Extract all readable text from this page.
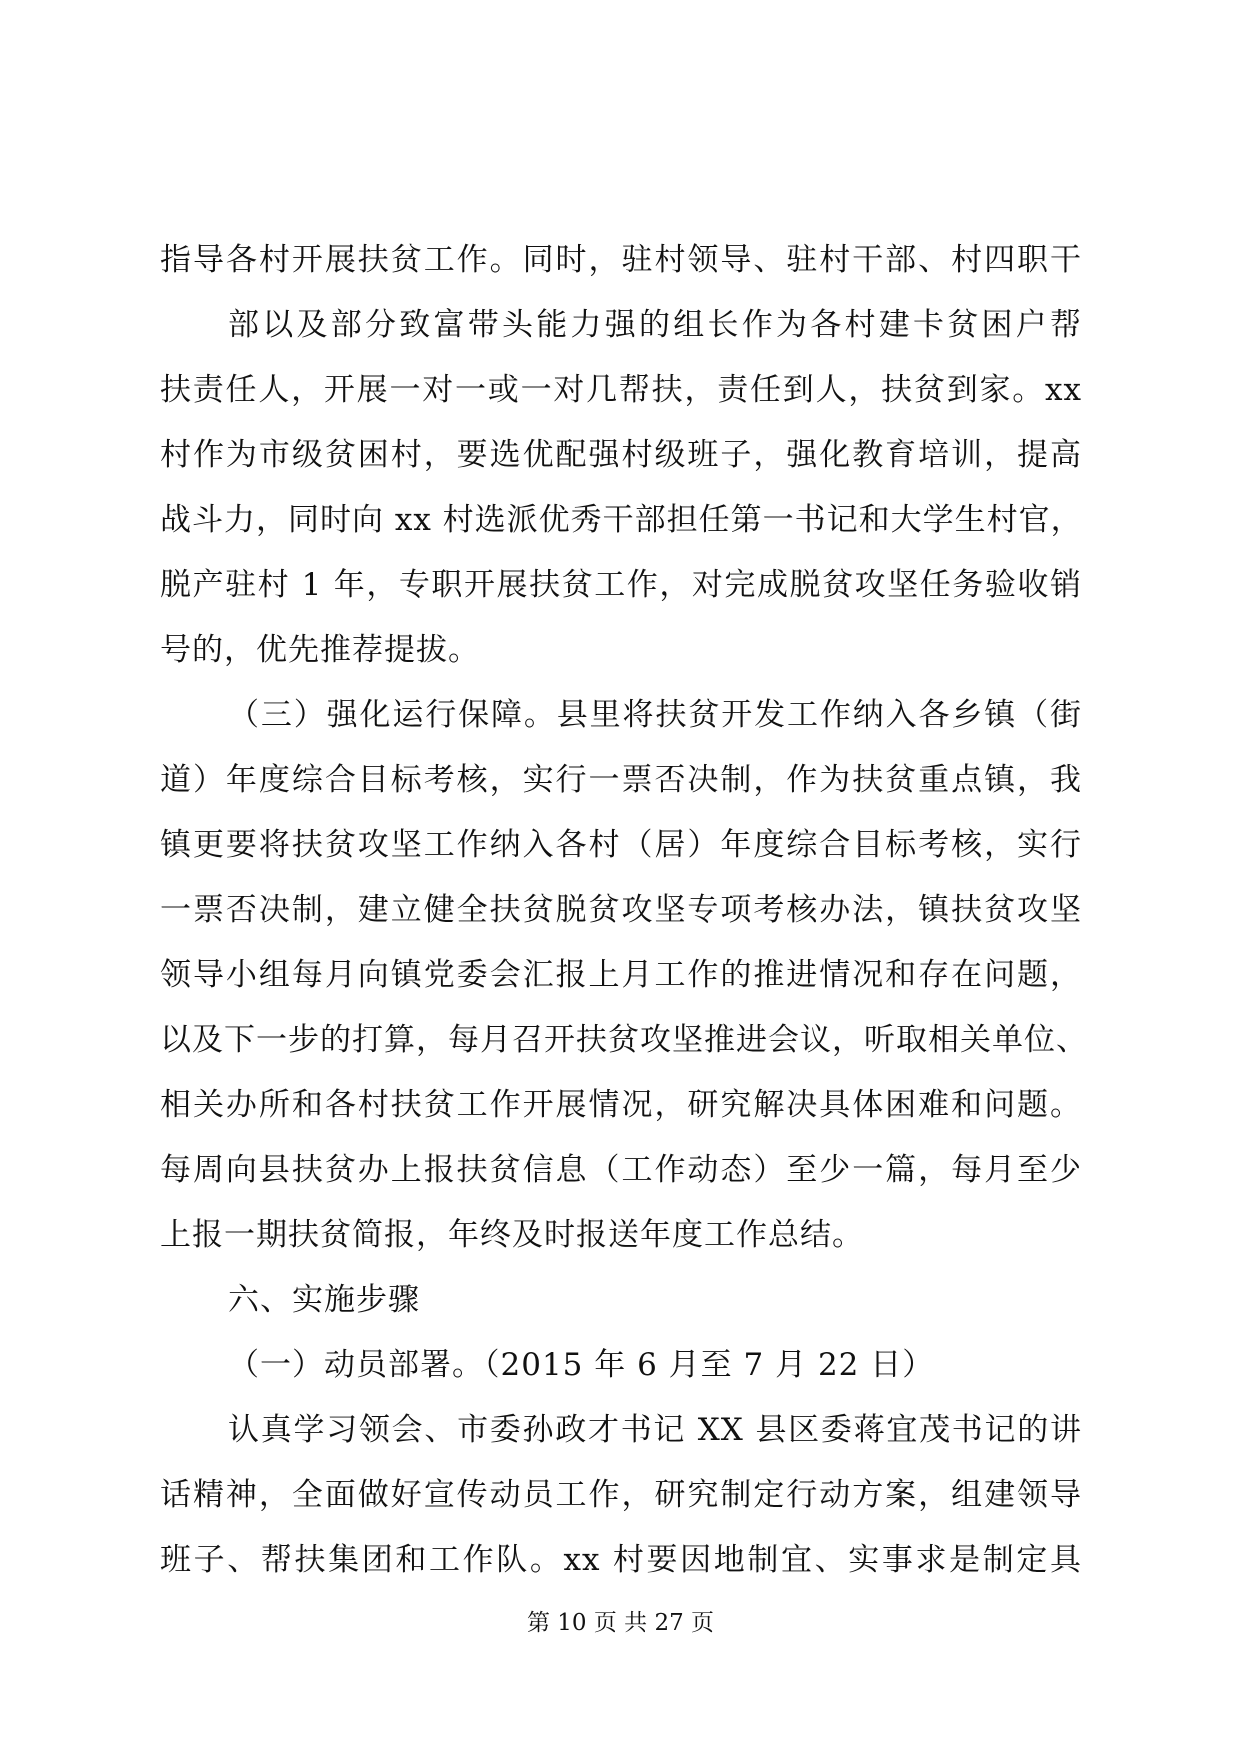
指导各村开展扶贫工作。同时，驻村领导、驻村干部、村四职干
部以及部分致富带头能力强的组长作为各村建卡贫困户帮
扶责任人，开展一对一或一对几帮扶，责任到人，扶贫到家。xx
村作为市级贫困村，要选优配强村级班子，强化教育培训，提高
战斗力，同时向 xx 村选派优秀干部担任第一书记和大学生村官，
脱产驻村 1 年，专职开展扶贫工作，对完成脱贫攻坚任务验收销
号的，优先推荐提拔。
（三）强化运行保障。县里将扶贫开发工作纳入各乡镇（街
道）年度综合目标考核，实行一票否决制，作为扶贫重点镇，我
镇更要将扶贫攻坚工作纳入各村（居）年度综合目标考核，实行
一票否决制，建立健全扶贫脱贫攻坚专项考核办法，镇扶贫攻坚
领导小组每月向镇党委会汇报上月工作的推进情况和存在问题，
以及下一步的打算，每月召开扶贫攻坚推进会议，听取相关单位、
相关办所和各村扶贫工作开展情况，研究解决具体困难和问题。
每周向县扶贫办上报扶贫信息（工作动态）至少一篇，每月至少
上报一期扶贫简报，年终及时报送年度工作总结。
六、实施步骤
（一）动员部署。（2015 年 6 月至 7 月 22 日）
认真学习领会、市委孙政才书记 XX 县区委蒋宜茂书记的讲
话精神，全面做好宣传动员工作，研究制定行动方案，组建领导
班子、帮扶集团和工作队。xx 村要因地制宜、实事求是制定具
第 10 页 共 27 页
